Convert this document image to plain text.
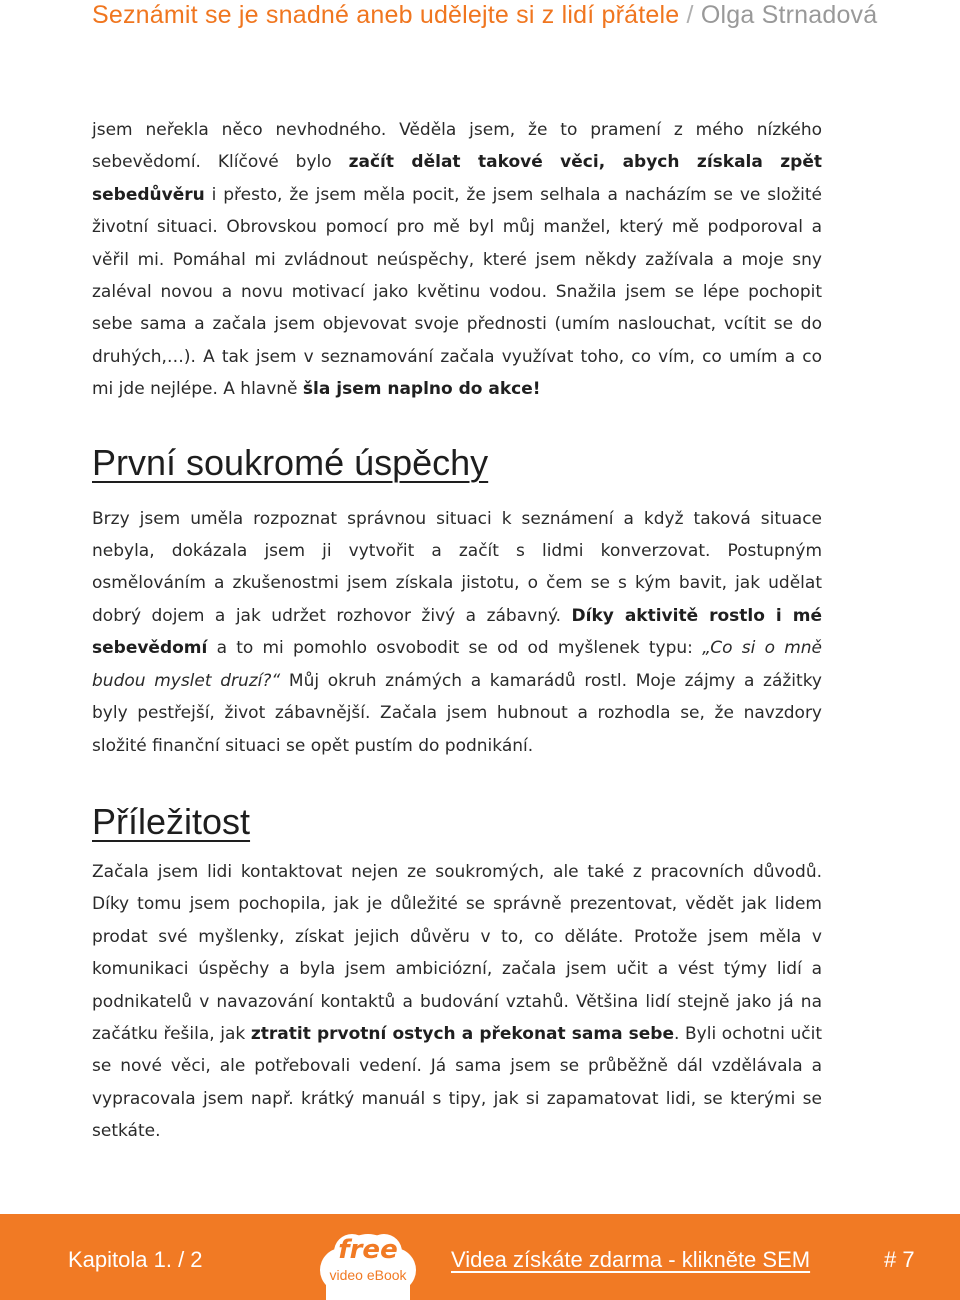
Seznámit se je snadné aneb udělejte si z lidí přátele / Olga Strnadová

jsem neřekla něco nevhodného. Věděla jsem, že to pramení z mého nízkého sebevědomí. Klíčové bylo začít dělat takové věci, abych získala zpět sebedůvěru i přesto, že jsem měla pocit, že jsem selhala a nacházím se ve složité životní situaci. Obrovskou pomocí pro mě byl můj manžel, který mě podporoval a věřil mi. Pomáhal mi zvládnout neúspěchy, které jsem někdy zažívala a moje sny zaléval novou a novu motivací jako květinu vodou. Snažila jsem se lépe pochopit sebe sama a začala jsem objevovat svoje přednosti (umím naslouchat, vcítit se do druhých,…). A tak jsem v seznamování začala využívat toho, co vím, co umím a co mi jde nejlépe. A hlavně šla jsem naplno do akce!

První soukromé úspěchy

Brzy jsem uměla rozpoznat správnou situaci k seznámení a když taková situace nebyla, dokázala jsem ji vytvořit a začít s lidmi konverzovat. Postupným osmělováním a zkušenostmi jsem získala jistotu, o čem se s kým bavit, jak udělat dobrý dojem a jak udržet rozhovor živý a zábavný. Díky aktivitě rostlo i mé sebevědomí a to mi pomohlo osvobodit se od od myšlenek typu: „Co si o mně budou myslet druzí?“ Můj okruh známých a kamarádů rostl. Moje zájmy a zážitky byly pestřejší, život zábavnější. Začala jsem hubnout a rozhodla se, že navzdory složité finanční situaci se opět pustím do podnikání.

Příležitost

Začala jsem lidi kontaktovat nejen ze soukromých, ale také z pracovních důvodů. Díky tomu jsem pochopila, jak je důležité se správně prezentovat, vědět jak lidem prodat své myšlenky, získat jejich důvěru v to, co děláte. Protože jsem měla v komunikaci úspěchy a byla jsem ambiciózní, začala jsem učit a vést týmy lidí a podnikatelů v navazování kontaktů a budování vztahů. Většina lidí stejně jako já na začátku řešila, jak ztratit prvotní ostych a překonat sama sebe. Byli ochotni učit se nové věci, ale potřebovali vedení. Já sama jsem se průběžně dál vzdělávala a vypracovala jsem např. krátký manuál s tipy, jak si zapamatovat lidi, se kterými se setkáte.

Kapitola 1. / 2	Videa získáte zdarma - klikněte SEM	# 7
free
video eBook
